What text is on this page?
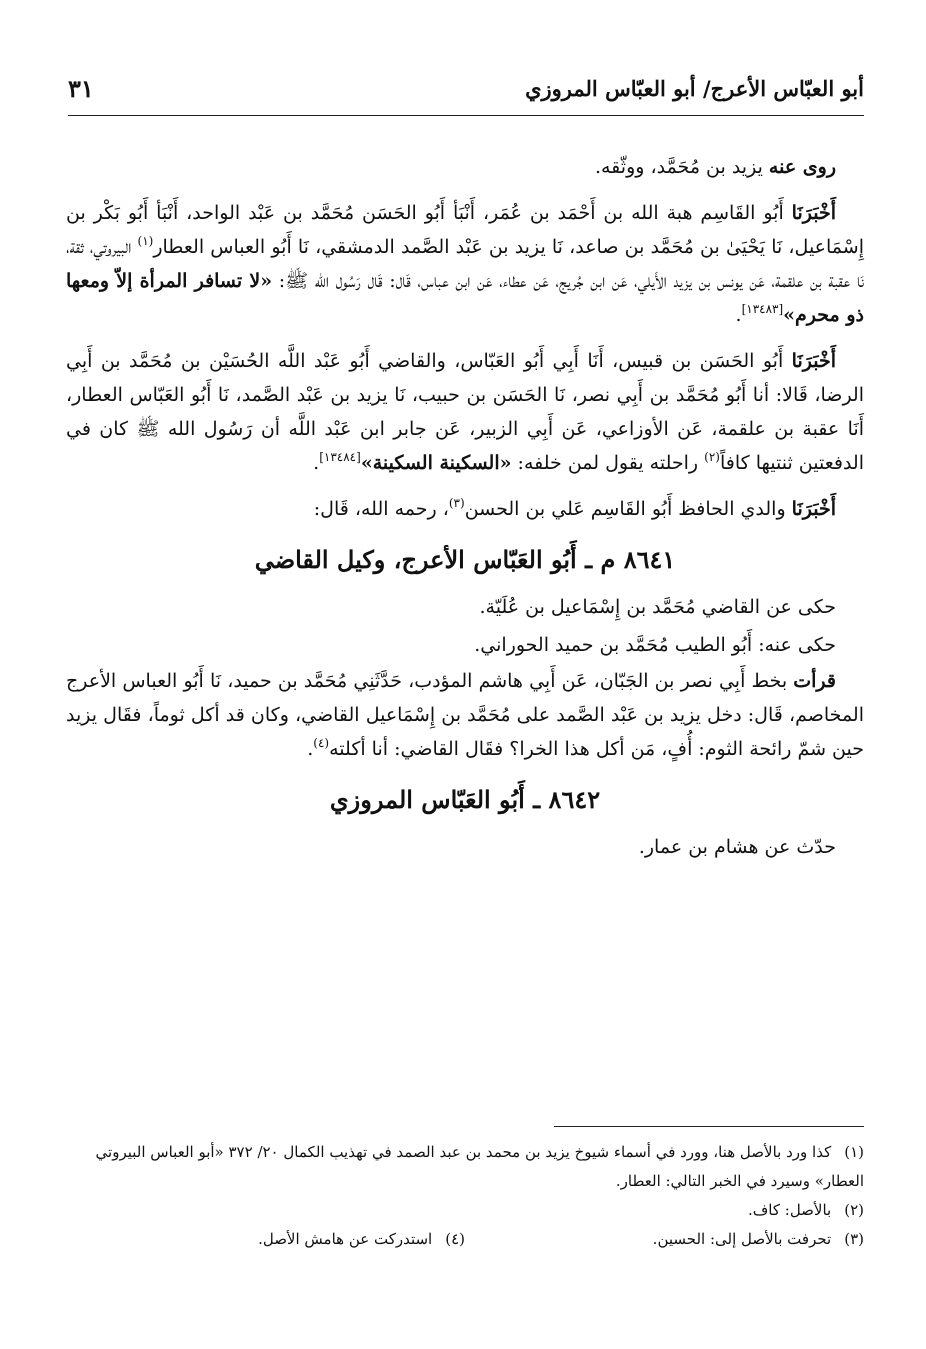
أبو العبّاس الأعرج/ أبو العبّاس المروزي
٣١

روى عنه يزيد بن مُحَمَّد، ووثّقه.

أَخْبَرَنَا أَبُو القَاسِم هبة الله بن أَحْمَد بن عُمَر، أَنْبَأ أَبُو الحَسَن مُحَمَّد بن عَبْد الواحد، أَنْبَأ أَبُو بَكْر بن إِسْمَاعيل، نَا يَحْيَىٰ بن مُحَمَّد بن صاعد، نَا يزيد بن عَبْد الصَّمد الدمشقي، نَا أَبُو العباس العطار$^{(١)}$ البيروتي، ثقة، نَا عقبة بن علقمة، عَن يونس بن يزيد الأَيلي، عَن ابن جُريج، عَن عطاء، عَن ابن عباس، قَال: قَال رَسُول الله ﷺ: «لا تسافر المرأة إلاّ ومعها ذو محرم»[١٣٤٨٣].

أَخْبَرَنَا أَبُو الحَسَن بن قبيس، أَنَا أَبِي أَبُو العَبّاس، والقاضي أَبُو عَبْد اللَّه الحُسَيْن بن مُحَمَّد بن أَبِي الرضا، قَالا: أنا أَبُو مُحَمَّد بن أَبِي نصر، نَا الحَسَن بن حبيب، نَا يزيد بن عَبْد الصَّمد، نَا أَبُو العَبّاس العطار، أَنَا عقبة بن علقمة، عَن الأوزاعي، عَن أَبِي الزبير، عَن جابر ابن عَبْد اللَّه أن رَسُول الله ﷺ كان في الدفعتين ثنتيها كافاً$^{(٢)}$ راحلته يقول لمن خلفه: «السكينة السكينة»[١٣٤٨٤].

أَخْبَرَنَا والدي الحافظ أَبُو القَاسِم عَلي بن الحسن$^{(٣)}$، رحمه الله، قَال:

٨٦٤١ م ـ أَبُو العَبّاس الأعرج، وكيل القاضي

حكى عن القاضي مُحَمَّد بن إِسْمَاعيل بن عُلَيّة.

حكى عنه: أَبُو الطيب مُحَمَّد بن حميد الحوراني.

قرأت بخط أَبِي نصر بن الجَبّان، عَن أَبِي هاشم المؤدب، حَدَّثَنِي مُحَمَّد بن حميد، نَا أَبُو العباس الأعرج المخاصم، قَال: دخل يزيد بن عَبْد الصَّمد على مُحَمَّد بن إِسْمَاعيل القاضي، وكان قد أكل ثوماً، فقَال يزيد حين شمّ رائحة الثوم: أُفٍ، مَن أكل هذا الخرا؟ فقَال القاضي: أنا أكلته$^{(٤)}$.

٨٦٤٢ ـ أَبُو العَبّاس المروزي

حدّث عن هشام بن عمار.

(١) كذا ورد بالأصل هنا، وورد في أسماء شيوخ يزيد بن محمد بن عبد الصمد في تهذيب الكمال ٢٠/ ٣٧٢ «أبو العباس البيروتي العطار» وسيرد في الخبر التالي: العطار.

(٢) بالأصل: كاف.

(٣) تحرفت بالأصل إلى: الحسين.

(٤) استدركت عن هامش الأصل.
